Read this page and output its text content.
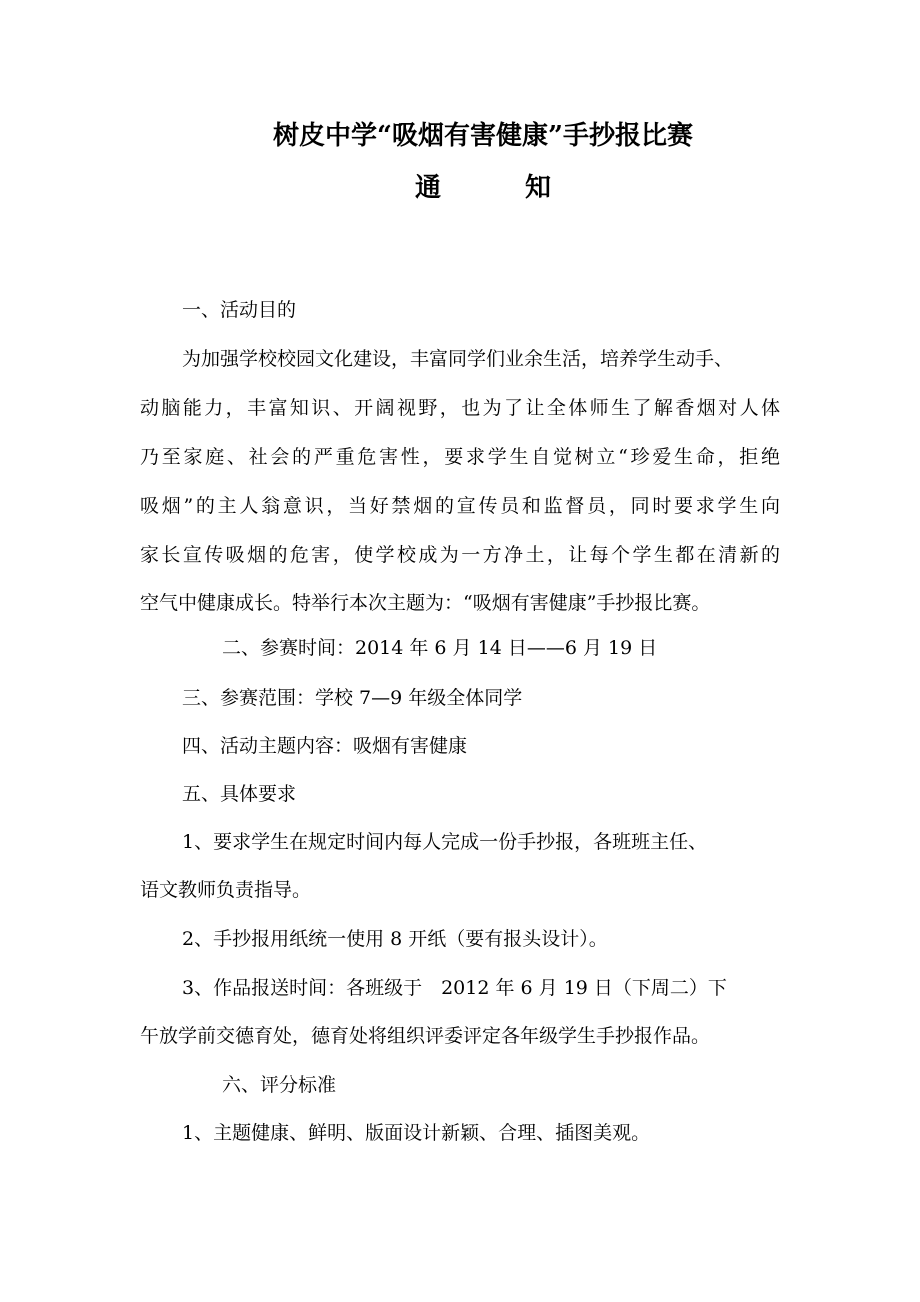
树皮中学“吸烟有害健康”手抄报比赛
通	知
一、活动目的
为加强学校校园文化建设，丰富同学们业余生活，培养学生动手、
动脑能力，丰富知识、开阔视野，也为了让全体师生了解香烟对人体
乃至家庭、社会的严重危害性，要求学生自觉树立“珍爱生命，拒绝
吸烟”的主人翁意识，当好禁烟的宣传员和监督员，同时要求学生向
家长宣传吸烟的危害，使学校成为一方净土，让每个学生都在清新的
空气中健康成长。特举行本次主题为：“吸烟有害健康”手抄报比赛。
二、参赛时间：2014 年 6 月 14 日——6 月 19 日
三、参赛范围：学校 7—9 年级全体同学
四、活动主题内容：吸烟有害健康
五、具体要求
1、要求学生在规定时间内每人完成一份手抄报，各班班主任、
语文教师负责指导。
2、手抄报用纸统一使用 8 开纸（要有报头设计）。
3、作品报送时间：各班级于　2012 年 6 月 19 日（下周二）下
午放学前交德育处，德育处将组织评委评定各年级学生手抄报作品。
六、评分标准
1、主题健康、鲜明、版面设计新颖、合理、插图美观。
